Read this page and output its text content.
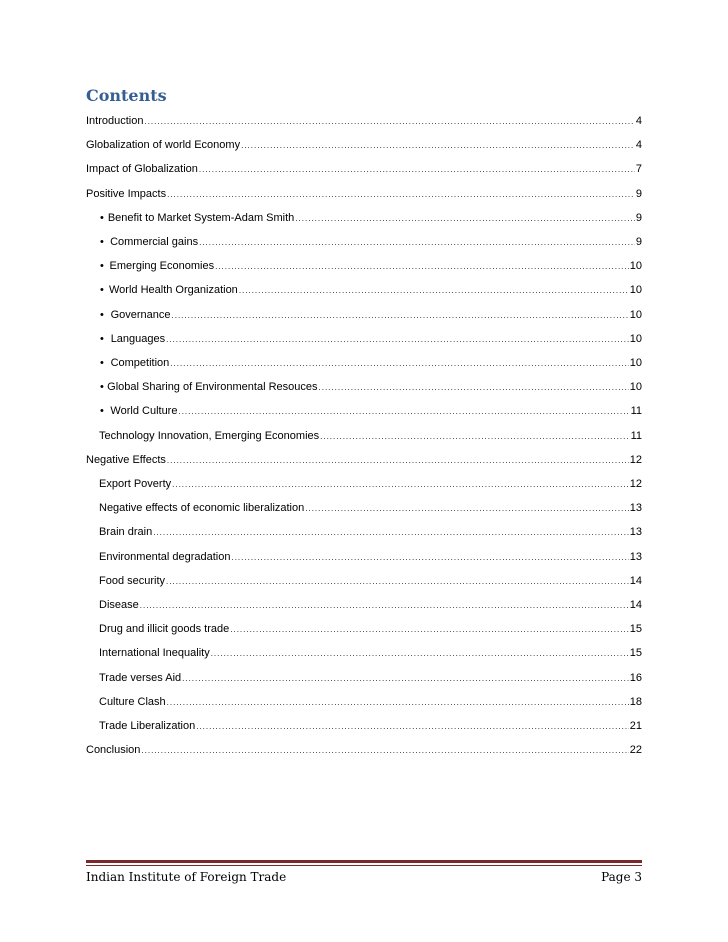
Contents
Introduction .....	4
Globalization of world Economy .....	4
Impact of Globalization .....	7
Positive Impacts .....	9
• Benefit to Market System-Adam Smith .....	9
• Commercial gains .....	9
• Emerging Economies .....	10
• World Health Organization .....	10
• Governance .....	10
• Languages .....	10
• Competition .....	10
• Global Sharing of Environmental Resouces .....	10
• World Culture .....	11
Technology Innovation, Emerging Economies .....	11
Negative Effects .....	12
Export Poverty .....	12
Negative effects of economic liberalization .....	13
Brain drain .....	13
Environmental degradation .....	13
Food security .....	14
Disease .....	14
Drug and illicit goods trade .....	15
International Inequality .....	15
Trade verses Aid .....	16
Culture Clash .....	18
Trade Liberalization .....	21
Conclusion .....	22
Indian Institute of Foreign Trade	Page 3
